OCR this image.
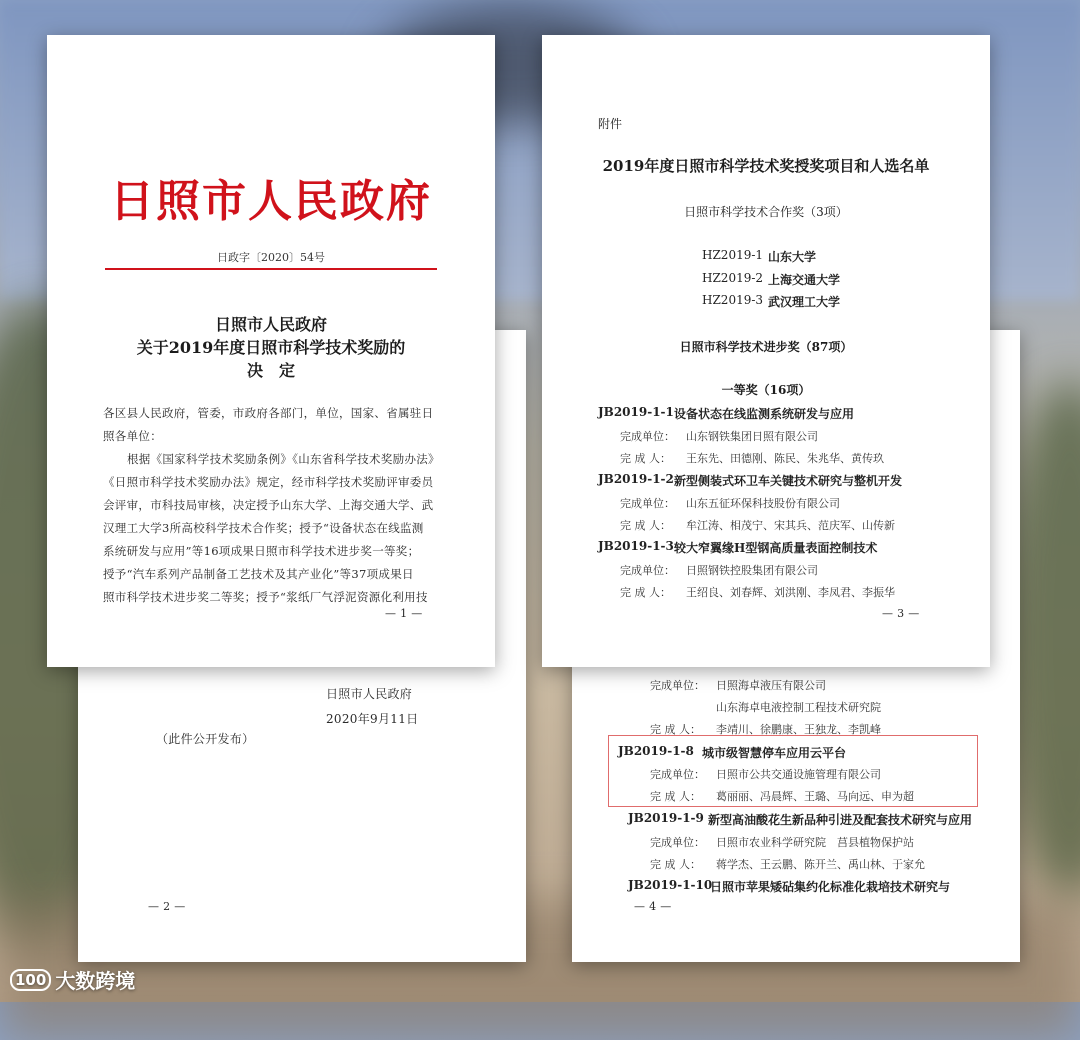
日照市人民政府
2020年9月11日
（此件公开发布）
— 2 —
完成单位： 日照海卓液压有限公司
山东海卓电液控制工程技术研究院
完 成 人： 李靖川、徐鹏康、王独龙、李凯峰
JB2019-1-8 城市级智慧停车应用云平台
完成单位： 日照市公共交通设施管理有限公司
完 成 人： 葛丽丽、冯晨辉、王璐、马向远、申为超
JB2019-1-9 新型高油酸花生新品种引进及配套技术研究与应用
完成单位： 日照市农业科学研究院　莒县植物保护站
完 成 人： 蒋学杰、王云鹏、陈开兰、禹山林、于家允
JB2019-1-10
日照市苹果矮砧集约化标准化栽培技术研究与
— 4 —
日照市人民政府
日政字〔2020〕54号
日照市人民政府
关于2019年度日照市科学技术奖励的
决　定
各区县人民政府，管委，市政府各部门，单位，国家、省属驻日
照各单位：
根据《国家科学技术奖励条例》《山东省科学技术奖励办法》
《日照市科学技术奖励办法》规定，经市科学技术奖励评审委员
会评审，市科技局审核，决定授予山东大学、上海交通大学、武
汉理工大学3所高校科学技术合作奖；授予“设备状态在线监测
系统研发与应用”等16项成果日照市科学技术进步奖一等奖；
授予“汽车系列产品制备工艺技术及其产业化”等37项成果日
照市科学技术进步奖二等奖；授予“浆纸厂气浮泥资源化利用技
— 1 —
附件
2019年度日照市科学技术奖授奖项目和人选名单
日照市科学技术合作奖（3项）
HZ2019-1 山东大学
HZ2019-2 上海交通大学
HZ2019-3 武汉理工大学
日照市科学技术进步奖（87项）
一等奖（16项）
JB2019-1-1 设备状态在线监测系统研发与应用
完成单位： 山东钢铁集团日照有限公司
完 成 人： 王东先、田德刚、陈民、朱兆华、黄传玖
JB2019-1-2 新型侧装式环卫车关键技术研究与整机开发
完成单位： 山东五征环保科技股份有限公司
完 成 人： 牟江涛、相茂宁、宋其兵、范庆军、山传新
JB2019-1-3 较大窄翼缘H型钢高质量表面控制技术
完成单位： 日照钢铁控股集团有限公司
完 成 人： 王绍良、刘春辉、刘洪刚、李凤君、李振华
— 3 —
100 大数跨境
